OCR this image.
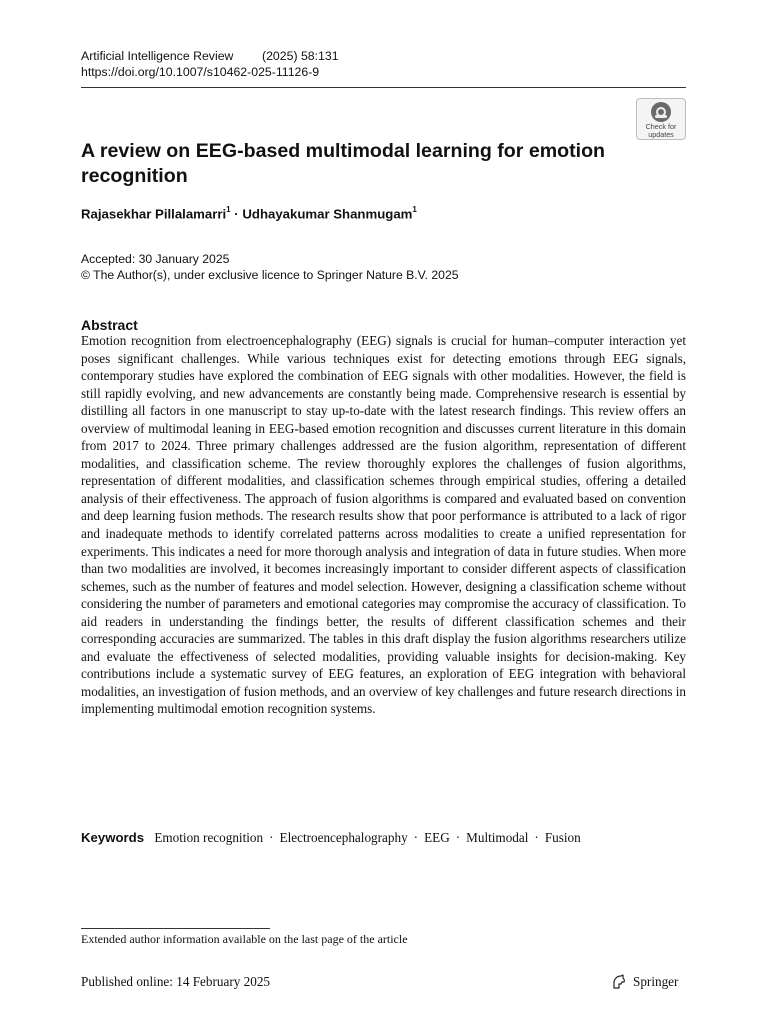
Artificial Intelligence Review	(2025) 58:131
https://doi.org/10.1007/s10462-025-11126-9
Check for
updates
A review on EEG-based multimodal learning for emotion recognition
Rajasekhar Pillalamarri$^1$ · Udhayakumar Shanmugam$^1$
Accepted: 30 January 2025
© The Author(s), under exclusive licence to Springer Nature B.V. 2025
Abstract
Emotion recognition from electroencephalography (EEG) signals is crucial for human–computer interaction yet poses significant challenges. While various techniques exist for detecting emotions through EEG signals, contemporary studies have explored the combination of EEG signals with other modalities. However, the field is still rapidly evolving, and new advancements are constantly being made. Comprehensive research is essential by distilling all factors in one manuscript to stay up-to-date with the latest research findings. This review offers an overview of multimodal leaning in EEG-based emotion recognition and discusses current literature in this domain from 2017 to 2024. Three primary challenges addressed are the fusion algorithm, representation of different modalities, and classification scheme. The review thoroughly explores the challenges of fusion algorithms, representation of different modalities, and classification schemes through empirical studies, offering a detailed analysis of their effectiveness. The approach of fusion algorithms is compared and evaluated based on convention and deep learning fusion methods. The research results show that poor performance is attributed to a lack of rigor and inadequate methods to identify correlated patterns across modalities to create a unified representation for experiments. This indicates a need for more thorough analysis and integration of data in future studies. When more than two modalities are involved, it becomes increasingly important to consider different aspects of classification schemes, such as the number of features and model selection. However, designing a classification scheme without considering the number of parameters and emotional categories may compromise the accuracy of classification. To aid readers in understanding the findings better, the results of different classification schemes and their corresponding accuracies are summarized. The tables in this draft display the fusion algorithms researchers utilize and evaluate the effectiveness of selected modalities, providing valuable insights for decision-making. Key contributions include a systematic survey of EEG features, an exploration of EEG integration with behavioral modalities, an investigation of fusion methods, and an overview of key challenges and future research directions in implementing multimodal emotion recognition systems.
Keywords Emotion recognition · Electroencephalography · EEG · Multimodal · Fusion
Extended author information available on the last page of the article
Published online: 14 February 2025	Springer
